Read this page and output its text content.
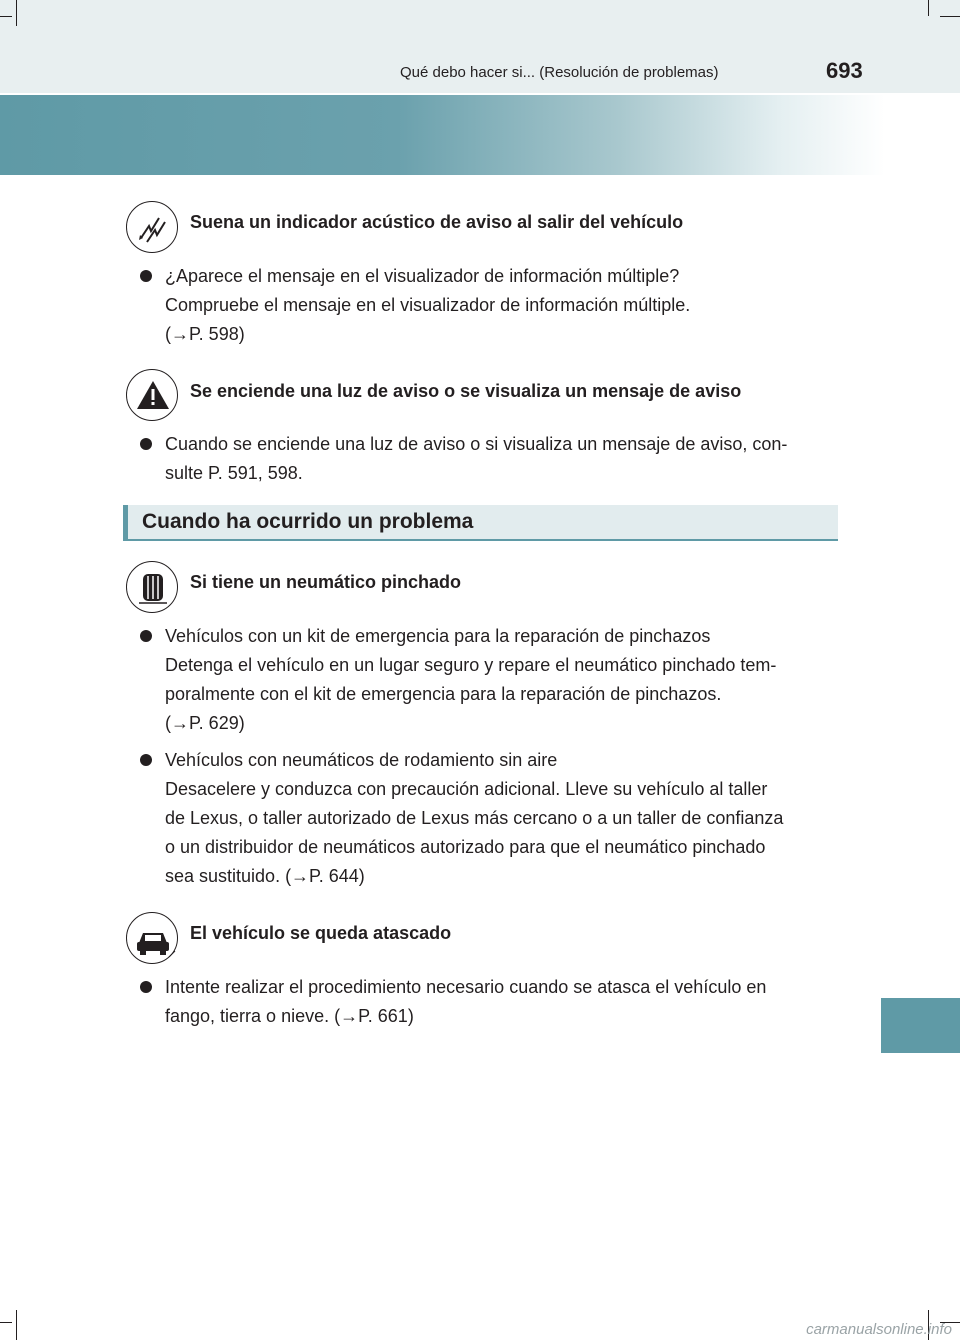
Qué debo hacer si... (Resolución de problemas)	693
Suena un indicador acústico de aviso al salir del vehículo
¿Aparece el mensaje en el visualizador de información múltiple?
Compruebe el mensaje en el visualizador de información múltiple.
(→P. 598)
Se enciende una luz de aviso o se visualiza un mensaje de aviso
Cuando se enciende una luz de aviso o si visualiza un mensaje de aviso, con-
sulte P. 591, 598.
Cuando ha ocurrido un problema
Si tiene un neumático pinchado
Vehículos con un kit de emergencia para la reparación de pinchazos
Detenga el vehículo en un lugar seguro y repare el neumático pinchado tem-
poralmente con el kit de emergencia para la reparación de pinchazos.
(→P. 629)
Vehículos con neumáticos de rodamiento sin aire
Desacelere y conduzca con precaución adicional. Lleve su vehículo al taller
de Lexus, o taller autorizado de Lexus más cercano o a un taller de confianza
o un distribuidor de neumáticos autorizado para que el neumático pinchado
sea sustituido. (→P. 644)
El vehículo se queda atascado
Intente realizar el procedimiento necesario cuando se atasca el vehículo en
fango, tierra o nieve. (→P. 661)
carmanualsonline.info
